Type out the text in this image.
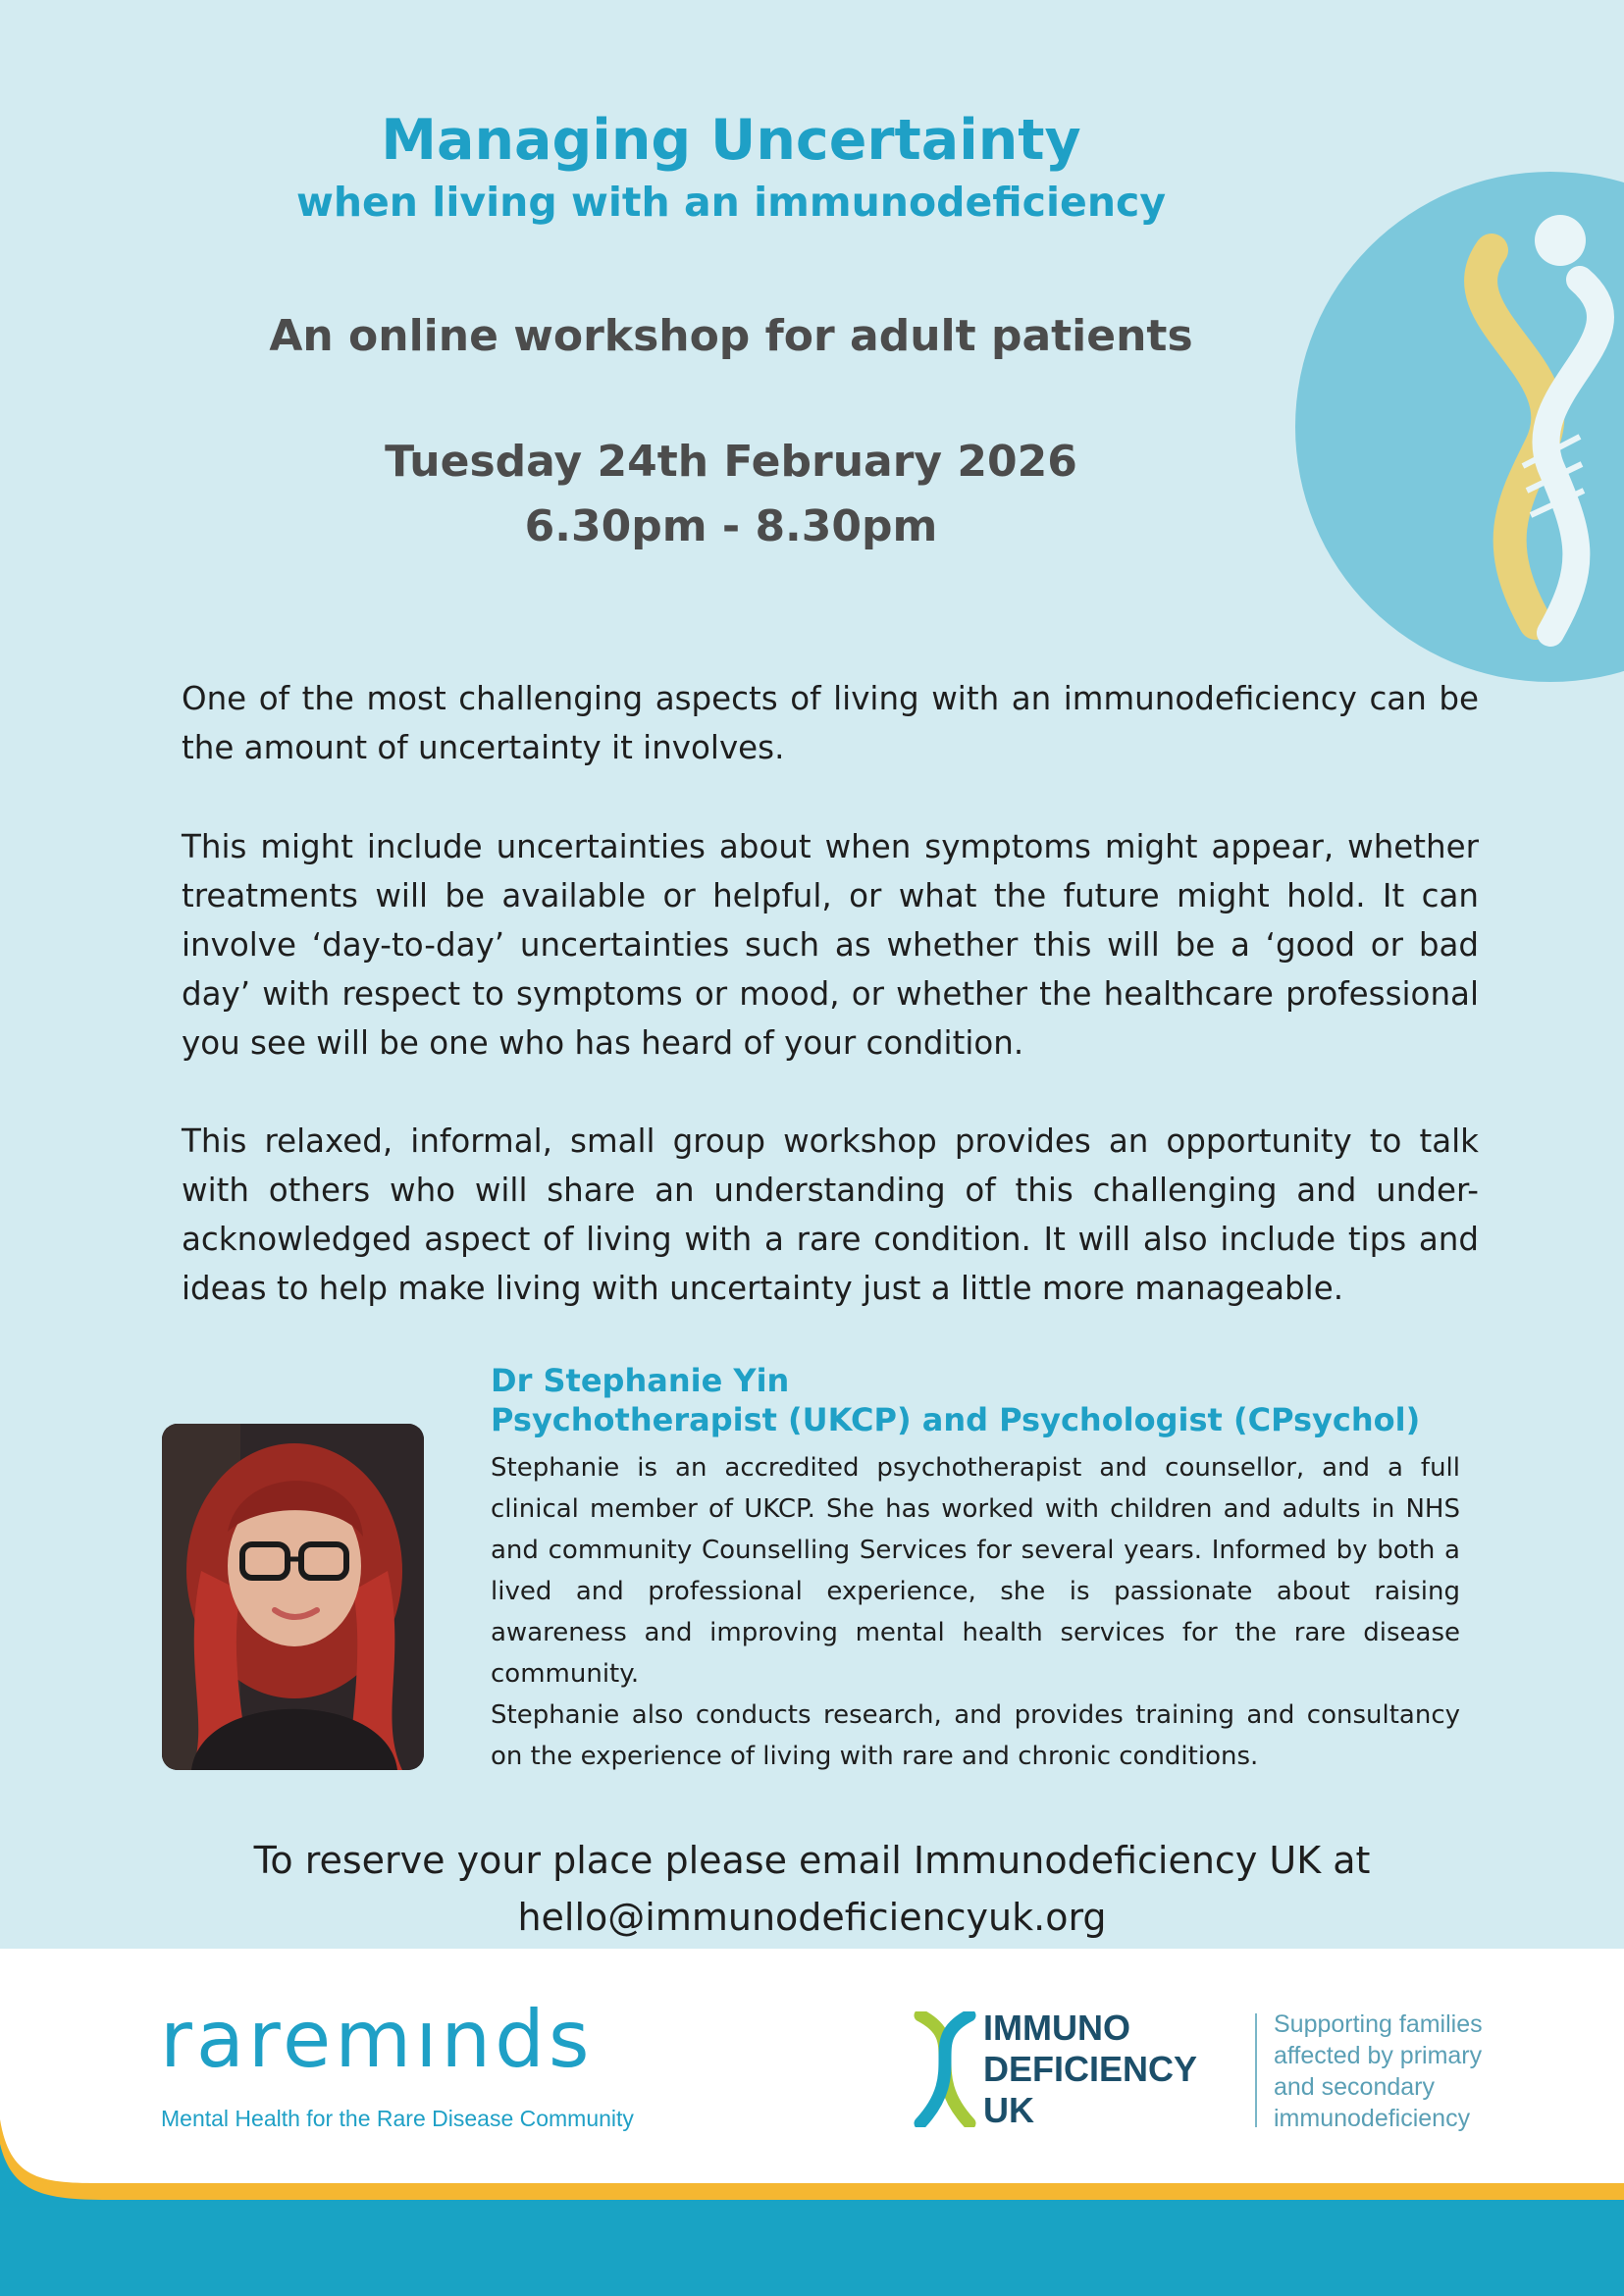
Managing Uncertainty
when living with an immunodeficiency
An online workshop for adult patients
Tuesday 24th February 2026
6.30pm - 8.30pm

One of the most challenging aspects of living with an immunodeficiency can be the amount of uncertainty it involves.

This might include uncertainties about when symptoms might appear, whether treatments will be available or helpful, or what the future might hold. It can involve ‘day-to-day’ uncertainties such as whether this will be a ‘good or bad day’ with respect to symptoms or mood, or whether the healthcare professional you see will be one who has heard of your condition.

This relaxed, informal, small group workshop provides an opportunity to talk with others who will share an understanding of this challenging and under-acknowledged aspect of living with a rare condition. It will also include tips and ideas to help make living with uncertainty just a little more manageable.

Dr Stephanie Yin
Psychotherapist (UKCP) and Psychologist (CPsychol)

Stephanie is an accredited psychotherapist and counsellor, and a full clinical member of UKCP. She has worked with children and adults in NHS and community Counselling Services for several years. Informed by both a lived and professional experience, she is passionate about raising awareness and improving mental health services for the rare disease community.

Stephanie also conducts research, and provides training and consultancy on the experience of living with rare and chronic conditions.

To reserve your place please email Immunodeficiency UK at
hello@immunodeficiencyuk.org

raremınds
Mental Health for the Rare Disease Community
IMMUNO
DEFICIENCY
UK
Supporting families
affected by primary
and secondary
immunodeficiency
